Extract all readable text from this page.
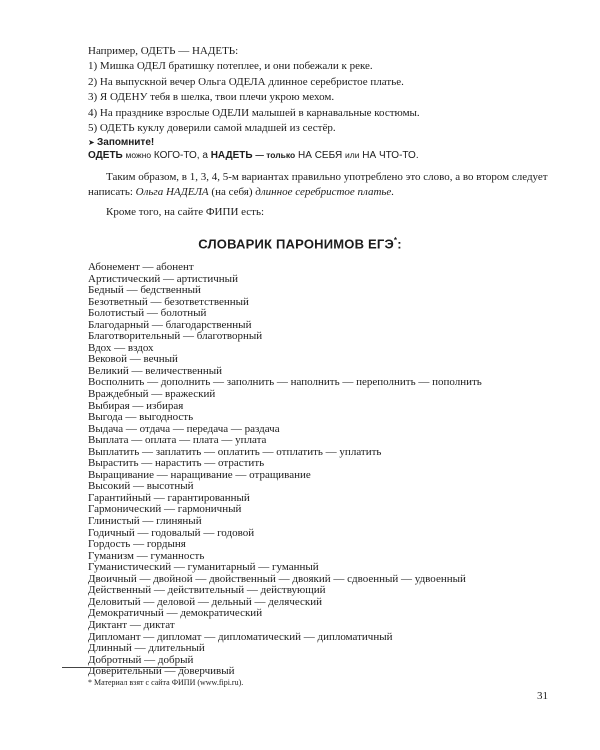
Например, ОДЕТЬ — НАДЕТЬ:
1) Мишка ОДЕЛ братишку потеплее, и они побежали к реке.
2) На выпускной вечер Ольга ОДЕЛА длинное серебристое платье.
3) Я ОДЕНУ тебя в шелка, твои плечи укрою мехом.
4) На празднике взрослые ОДЕЛИ малышей в карнавальные костюмы.
5) ОДЕТЬ куклу доверили самой младшей из сестёр.
➤ Запомните!
ОДЕТЬ можно КОГО-ТО, а НАДЕТЬ — только НА СЕБЯ или НА ЧТО-ТО.
Таким образом, в 1, 3, 4, 5-м вариантах правильно употреблено это слово, а во втором следует написать: Ольга НАДЕЛА (на себя) длинное серебристое платье.
Кроме того, на сайте ФИПИ есть:
СЛОВАРИК ПАРОНИМОВ ЕГЭ*:
Абонемент — абонент
Артистический — артистичный
Бедный — бедственный
Безответный — безответственный
Болотистый — болотный
Благодарный — благодарственный
Благотворительный — благотворный
Вдох — вздох
Вековой — вечный
Великий — величественный
Восполнить — дополнить — заполнить — наполнить — переполнить — пополнить
Враждебный — вражеский
Выбирая — избирая
Выгода — выгодность
Выдача — отдача — передача — раздача
Выплата — оплата — плата — уплата
Выплатить — заплатить — оплатить — отплатить — уплатить
Вырастить — нарастить — отрастить
Выращивание — наращивание — отращивание
Высокий — высотный
Гарантийный — гарантированный
Гармонический — гармоничный
Глинистый — глиняный
Годичный — годовалый — годовой
Гордость — гордыня
Гуманизм — гуманность
Гуманистический — гуманитарный — гуманный
Двоичный — двойной — двойственный — двоякий — сдвоенный — удвоенный
Действенный — действительный — действующий
Деловитый — деловой — дельный — деляческий
Демократичный — демократический
Диктант — диктат
Дипломант — дипломат — дипломатический — дипломатичный
Длинный — длительный
Добротный — добрый
Доверительный — доверчивый
* Материал взят с сайта ФИПИ (www.fipi.ru).
31
